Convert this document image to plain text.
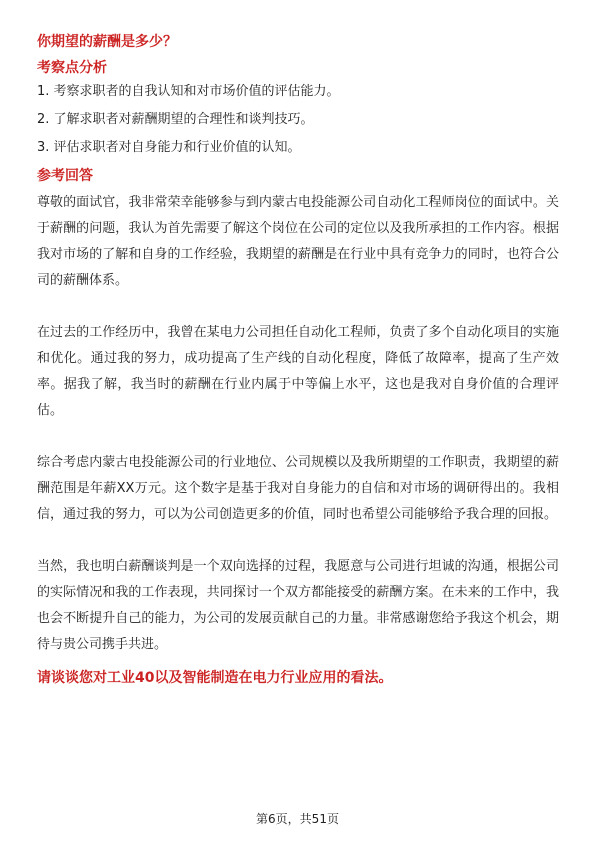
你期望的薪酬是多少？
考察点分析
1. 考察求职者的自我认知和对市场价值的评估能力。
2. 了解求职者对薪酬期望的合理性和谈判技巧。
3. 评估求职者对自身能力和行业价值的认知。
参考回答

尊敬的面试官，我非常荣幸能够参与到内蒙古电投能源公司自动化工程师岗位的面试中。关于薪酬的问题，我认为首先需要了解这个岗位在公司的定位以及我所承担的工作内容。根据我对市场的了解和自身的工作经验，我期望的薪酬是在行业中具有竞争力的同时，也符合公司的薪酬体系。

在过去的工作经历中，我曾在某电力公司担任自动化工程师，负责了多个自动化项目的实施和优化。通过我的努力，成功提高了生产线的自动化程度，降低了故障率，提高了生产效率。据我了解，我当时的薪酬在行业内属于中等偏上水平，这也是我对自身价值的合理评估。

综合考虑内蒙古电投能源公司的行业地位、公司规模以及我所期望的工作职责，我期望的薪酬范围是年薪XX万元。这个数字是基于我对自身能力的自信和对市场的调研得出的。我相信，通过我的努力，可以为公司创造更多的价值，同时也希望公司能够给予我合理的回报。

当然，我也明白薪酬谈判是一个双向选择的过程，我愿意与公司进行坦诚的沟通，根据公司的实际情况和我的工作表现，共同探讨一个双方都能接受的薪酬方案。在未来的工作中，我也会不断提升自己的能力，为公司的发展贡献自己的力量。非常感谢您给予我这个机会，期待与贵公司携手共进。

请谈谈您对工业40以及智能制造在电力行业应用的看法。
第6页，共51页
